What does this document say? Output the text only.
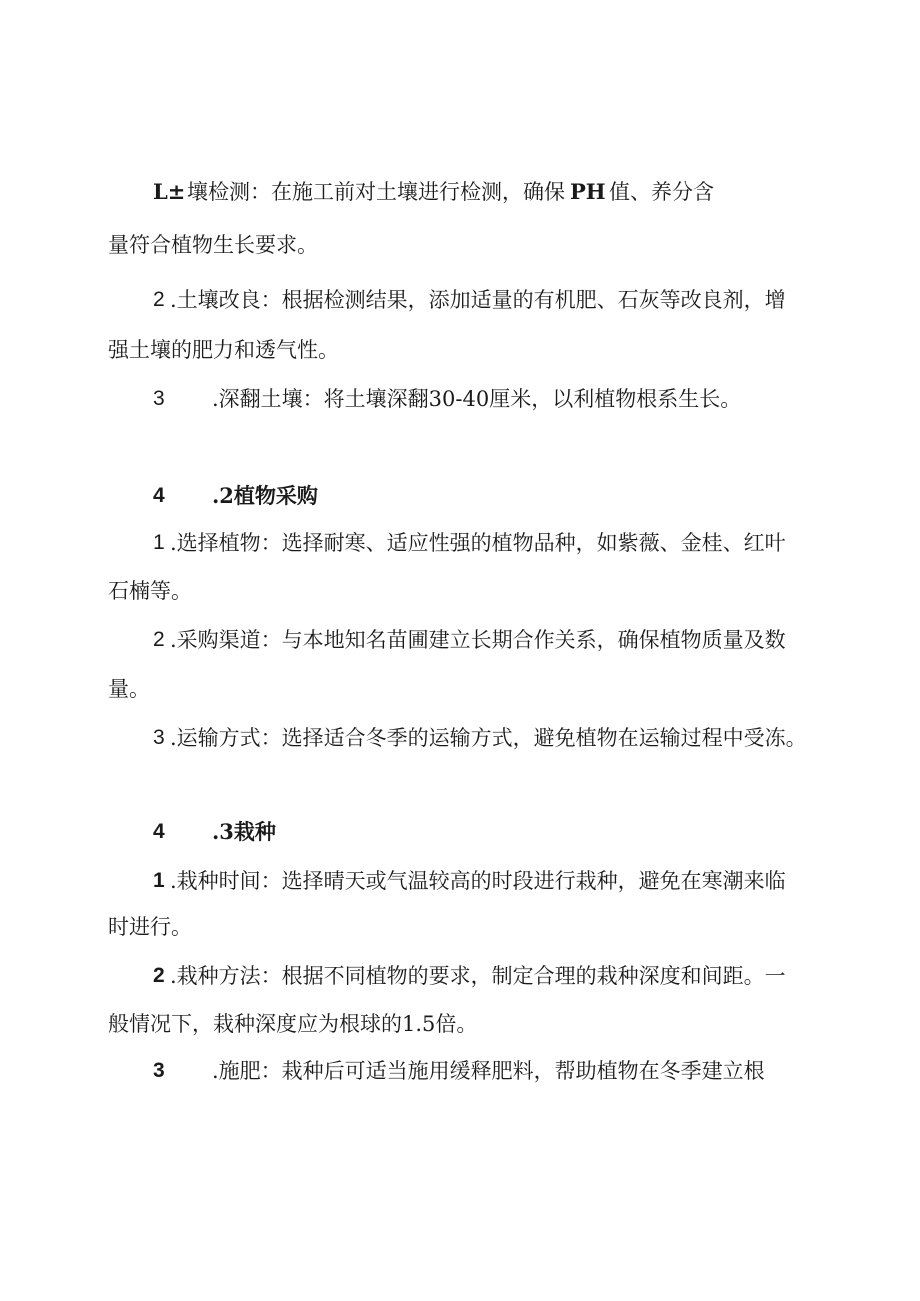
L± 壤检测：在施工前对土壤进行检测，确保 PH 值、养分含
量符合植物生长要求。
2 .土壤改良：根据检测结果，添加适量的有机肥、石灰等改良剂，增
强土壤的肥力和透气性。
3 .深翻土壤：将土壤深翻30-40厘米，以利植物根系生长。
4 .2植物采购
1 .选择植物：选择耐寒、适应性强的植物品种，如紫薇、金桂、红叶
石楠等。
2 .采购渠道：与本地知名苗圃建立长期合作关系，确保植物质量及数
量。
3 .运输方式：选择适合冬季的运输方式，避免植物在运输过程中受冻。
4 .3栽种
1 .栽种时间：选择晴天或气温较高的时段进行栽种，避免在寒潮来临
时进行。
2 .栽种方法：根据不同植物的要求，制定合理的栽种深度和间距。一
般情况下，栽种深度应为根球的1.5倍。
3 .施肥：栽种后可适当施用缓释肥料，帮助植物在冬季建立根
